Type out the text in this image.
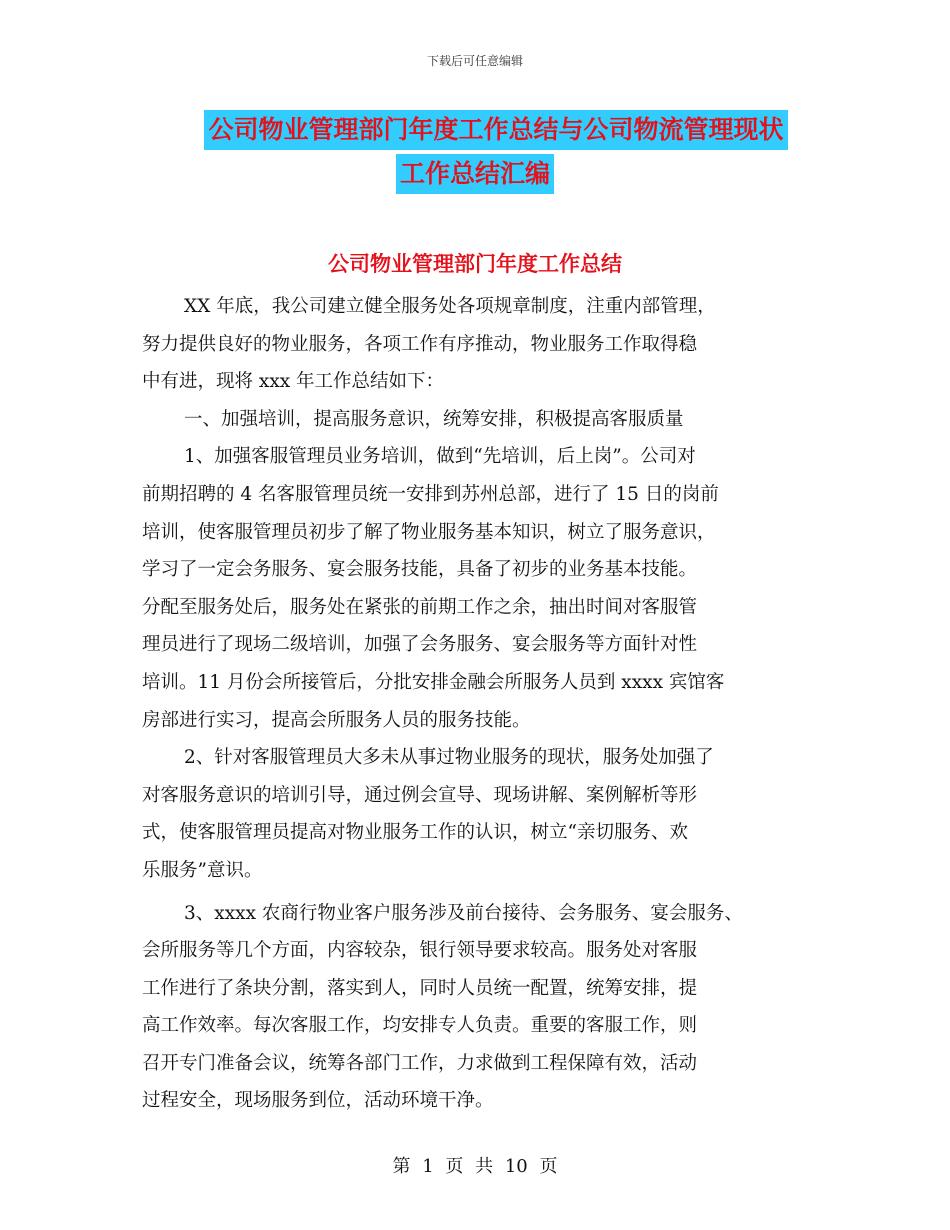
下载后可任意编辑
公司物业管理部门年度工作总结与公司物流管理现状
工作总结汇编
公司物业管理部门年度工作总结
XX 年底，我公司建立健全服务处各项规章制度，注重内部管理，
努力提供良好的物业服务，各项工作有序推动，物业服务工作取得稳
中有进，现将 xxx 年工作总结如下：
一、加强培训，提高服务意识，统筹安排，积极提高客服质量
1、加强客服管理员业务培训，做到“先培训，后上岗”。公司对
前期招聘的 4 名客服管理员统一安排到苏州总部，进行了 15 日的岗前
培训，使客服管理员初步了解了物业服务基本知识，树立了服务意识，
学习了一定会务服务、宴会服务技能，具备了初步的业务基本技能。
分配至服务处后，服务处在紧张的前期工作之余，抽出时间对客服管
理员进行了现场二级培训，加强了会务服务、宴会服务等方面针对性
培训。11 月份会所接管后，分批安排金融会所服务人员到 xxxx 宾馆客
房部进行实习，提高会所服务人员的服务技能。
2、针对客服管理员大多未从事过物业服务的现状，服务处加强了
对客服务意识的培训引导，通过例会宣导、现场讲解、案例解析等形
式，使客服管理员提高对物业服务工作的认识，树立“亲切服务、欢
乐服务”意识。
3、xxxx 农商行物业客户服务涉及前台接待、会务服务、宴会服务、
会所服务等几个方面，内容较杂，银行领导要求较高。服务处对客服
工作进行了条块分割，落实到人，同时人员统一配置，统筹安排，提
高工作效率。每次客服工作，均安排专人负责。重要的客服工作，则
召开专门准备会议，统筹各部门工作，力求做到工程保障有效，活动
过程安全，现场服务到位，活动环境干净。
第 1 页 共 10 页
